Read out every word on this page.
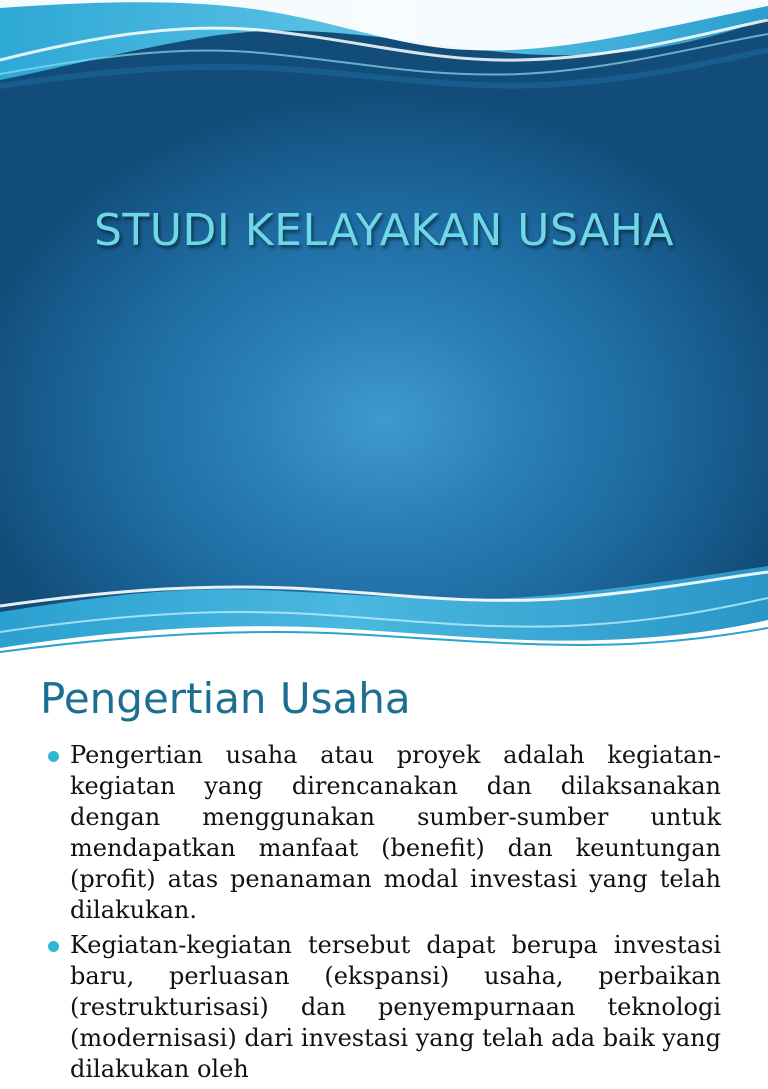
STUDI KELAYAKAN USAHA
Pengertian Usaha
Pengertian usaha atau proyek adalah kegiatan-kegiatan yang direncanakan dan dilaksanakan dengan menggunakan sumber-sumber untuk mendapatkan manfaat (benefit) dan keuntungan (profit) atas penanaman modal investasi yang telah dilakukan.
Kegiatan-kegiatan tersebut dapat berupa investasi baru, perluasan (ekspansi) usaha, perbaikan (restrukturisasi) dan penyempurnaan teknologi (modernisasi) dari investasi yang telah ada baik yang dilakukan oleh
